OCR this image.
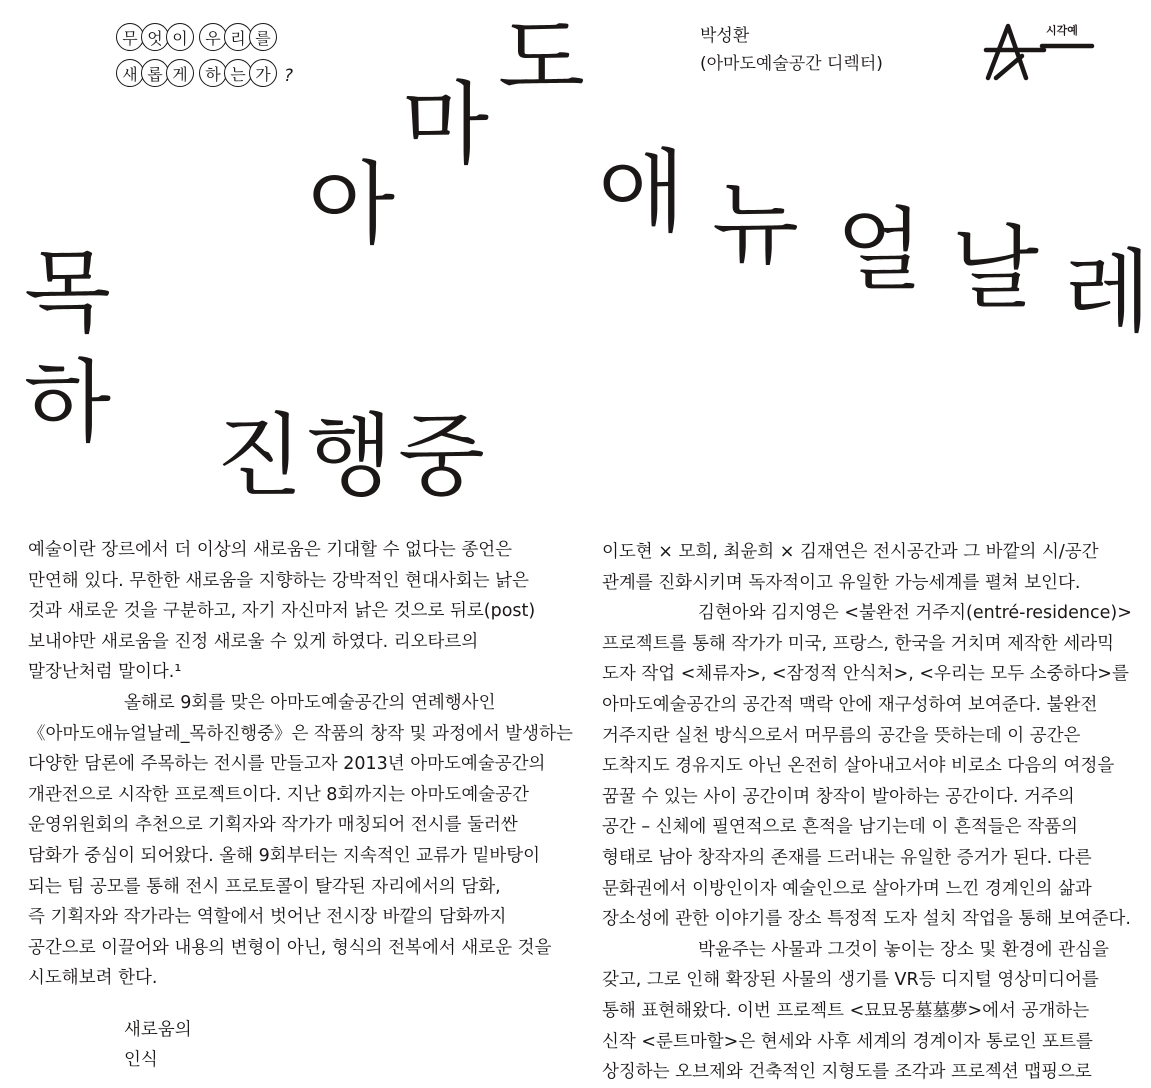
무 엇 이	우 리 를
새 롭 게	하 는 가 ?
박성환
(아마도예술공간 디렉터)
시각예
아
마
도
애 뉴 얼 날 레
목
하
진 행 중

예술이란 장르에서 더 이상의 새로움은 기대할 수 없다는 종언은

만연해 있다. 무한한 새로움을 지향하는 강박적인 현대사회는 낡은

것과 새로운 것을 구분하고, 자기 자신마저 낡은 것으로 뒤로(post)

보내야만 새로움을 진정 새로울 수 있게 하였다. 리오타르의

말장난처럼 말이다.¹

올해로 9회를 맞은 아마도예술공간의 연례행사인

《아마도애뉴얼날레_목하진행중》은 작품의 창작 및 과정에서 발생하는

다양한 담론에 주목하는 전시를 만들고자 2013년 아마도예술공간의

개관전으로 시작한 프로젝트이다. 지난 8회까지는 아마도예술공간

운영위원회의 추천으로 기획자와 작가가 매칭되어 전시를 둘러싼

담화가 중심이 되어왔다. 올해 9회부터는 지속적인 교류가 밑바탕이

되는 팀 공모를 통해 전시 프로토콜이 탈각된 자리에서의 담화,

즉 기획자와 작가라는 역할에서 벗어난 전시장 바깥의 담화까지

공간으로 이끌어와 내용의 변형이 아닌, 형식의 전복에서 새로운 것을

시도해보려 한다.

새로움의
인식

이도현 × 모희, 최윤희 × 김재연은 전시공간과 그 바깥의 시/공간

관계를 진화시키며 독자적이고 유일한 가능세계를 펼쳐 보인다.

김현아와 김지영은 <불완전 거주지(entré-residence)>

프로젝트를 통해 작가가 미국, 프랑스, 한국을 거치며 제작한 세라믹

도자 작업 <체류자>, <잠정적 안식처>, <우리는 모두 소중하다>를

아마도예술공간의 공간적 맥락 안에 재구성하여 보여준다. 불완전

거주지란 실천 방식으로서 머무름의 공간을 뜻하는데 이 공간은

도착지도 경유지도 아닌 온전히 살아내고서야 비로소 다음의 여정을

꿈꿀 수 있는 사이 공간이며 창작이 발아하는 공간이다. 거주의

공간 – 신체에 필연적으로 흔적을 남기는데 이 흔적들은 작품의

형태로 남아 창작자의 존재를 드러내는 유일한 증거가 된다. 다른

문화권에서 이방인이자 예술인으로 살아가며 느낀 경계인의 삶과

장소성에 관한 이야기를 장소 특정적 도자 설치 작업을 통해 보여준다.

박윤주는 사물과 그것이 놓이는 장소 및 환경에 관심을

갖고, 그로 인해 확장된 사물의 생기를 VR등 디지털 영상미디어를

통해 표현해왔다. 이번 프로젝트 <묘묘몽墓墓夢>에서 공개하는

신작 <룬트마할>은 현세와 사후 세계의 경계이자 통로인 포트를

상징하는 오브제와 건축적인 지형도를 조각과 프로젝션 맵핑으로
